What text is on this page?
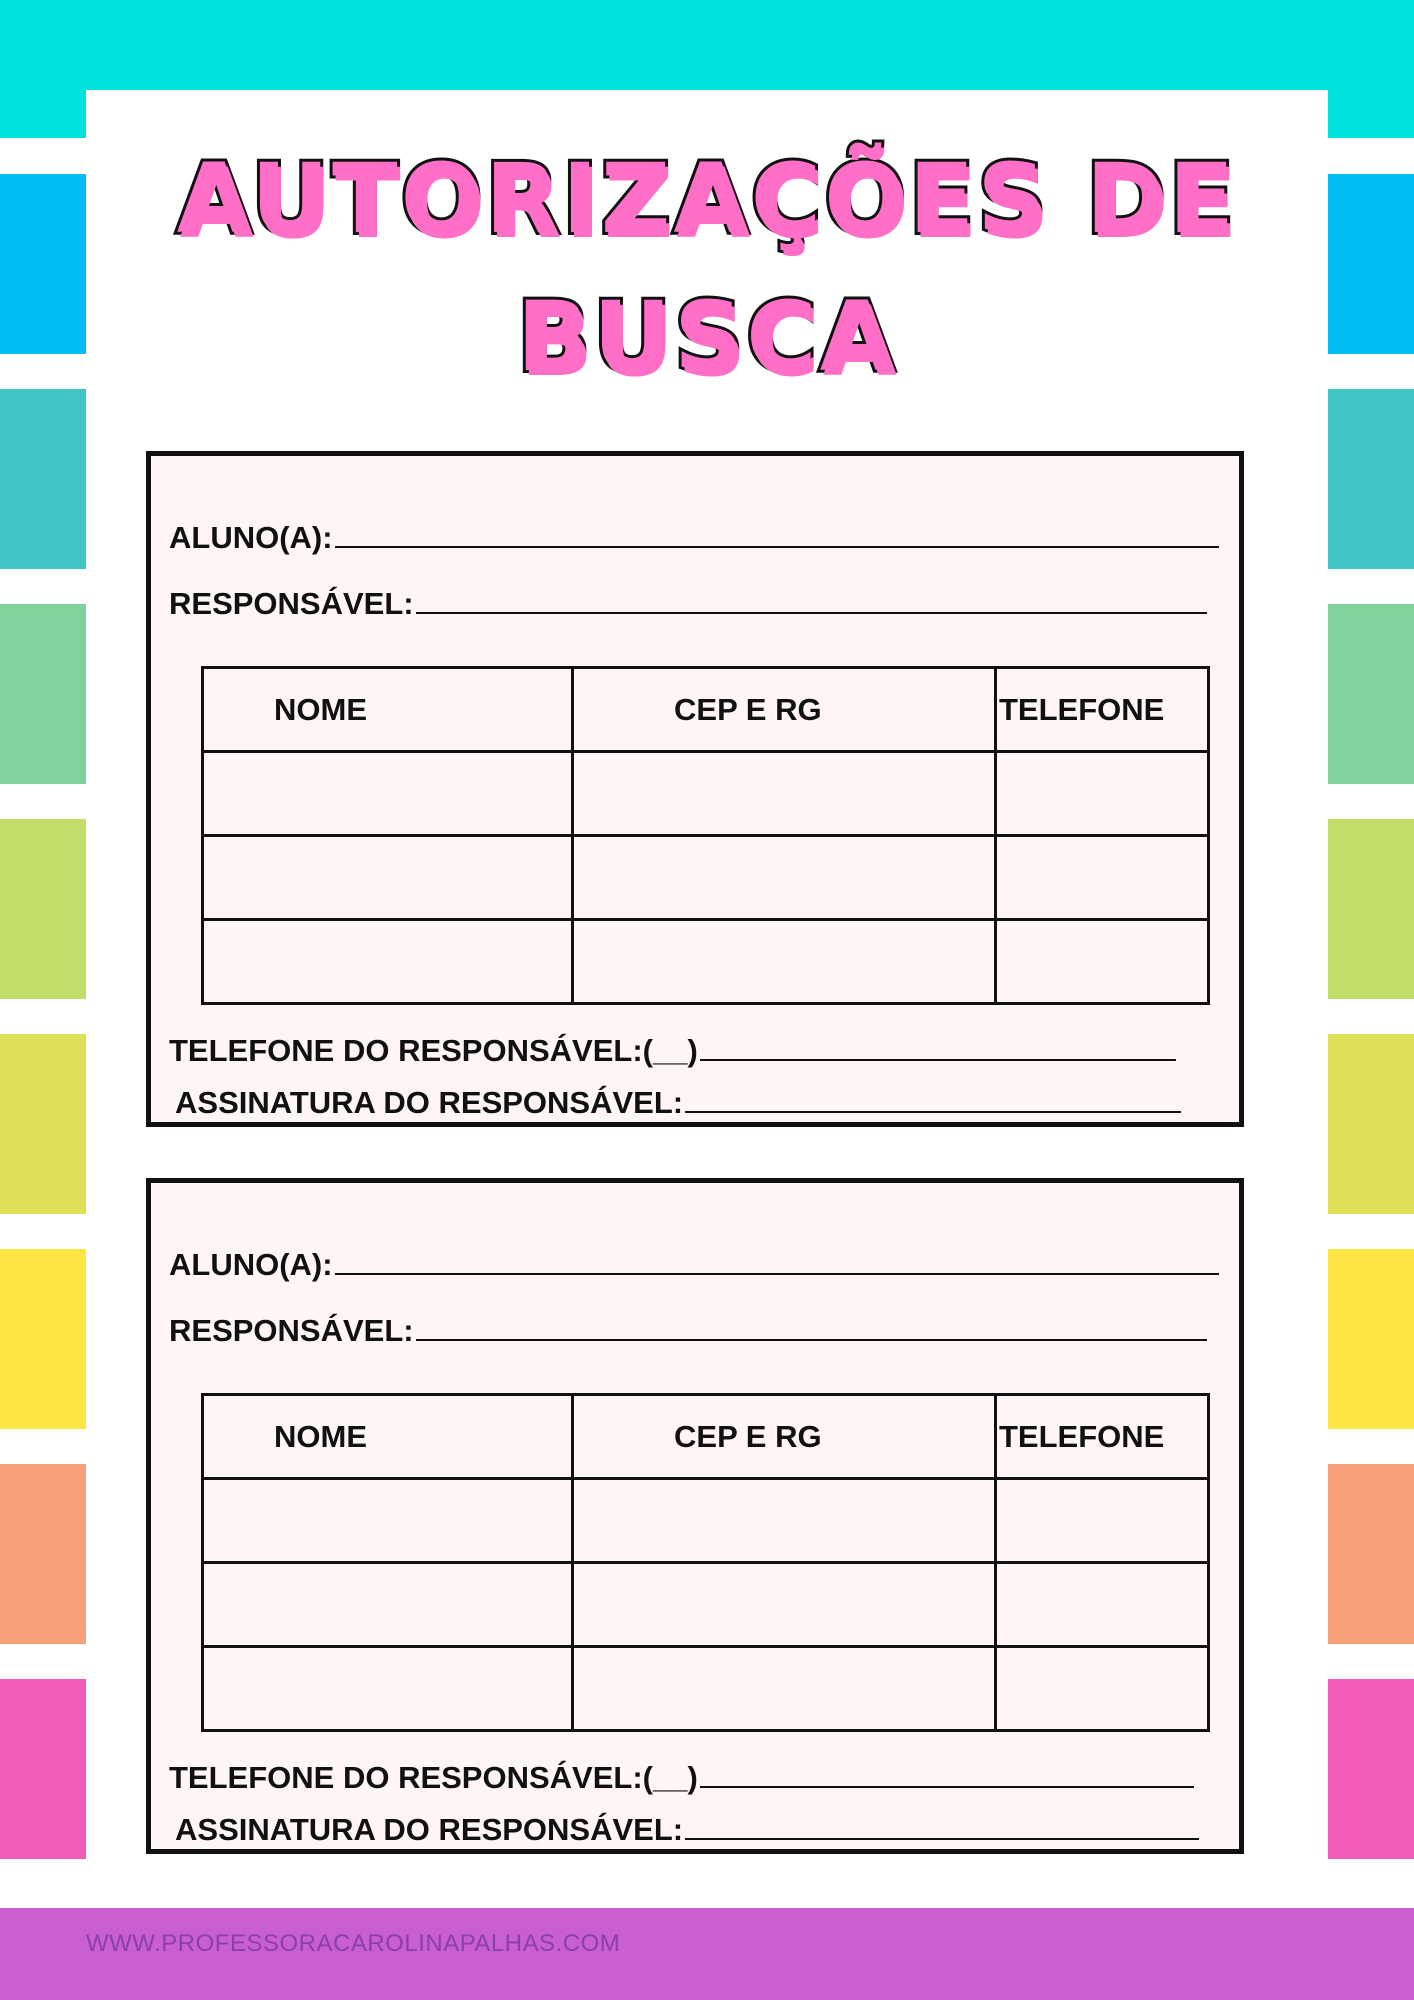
AUTORIZAÇÕES DE
BUSCA
ALUNO(A):
RESPONSÁVEL:
NOME	CEP E RG	TELEFONE

TELEFONE DO RESPONSÁVEL:(__)
ASSINATURA DO RESPONSÁVEL:
ALUNO(A):
RESPONSÁVEL:
NOME	CEP E RG	TELEFONE

TELEFONE DO RESPONSÁVEL:(__)
ASSINATURA DO RESPONSÁVEL:
WWW.PROFESSORACAROLINAPALHAS.COM
